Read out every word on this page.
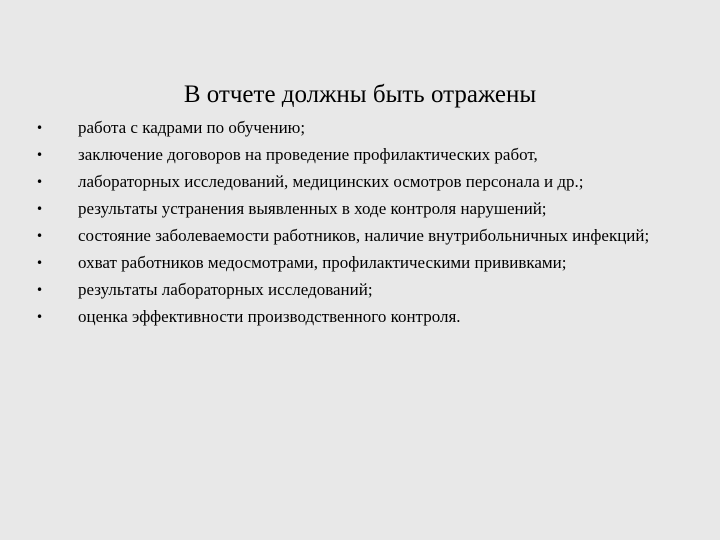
В отчете должны быть отражены
• работа с кадрами по обучению;
• заключение договоров на проведение профилактических работ,
• лабораторных исследований, медицинских осмотров персонала и др.;
• результаты устранения выявленных в ходе контроля нарушений;
• состояние заболеваемости работников, наличие внутрибольничных инфекций;
• охват работников медосмотрами, профилактическими прививками;
• результаты лабораторных исследований;
• оценка эффективности производственного контроля.
